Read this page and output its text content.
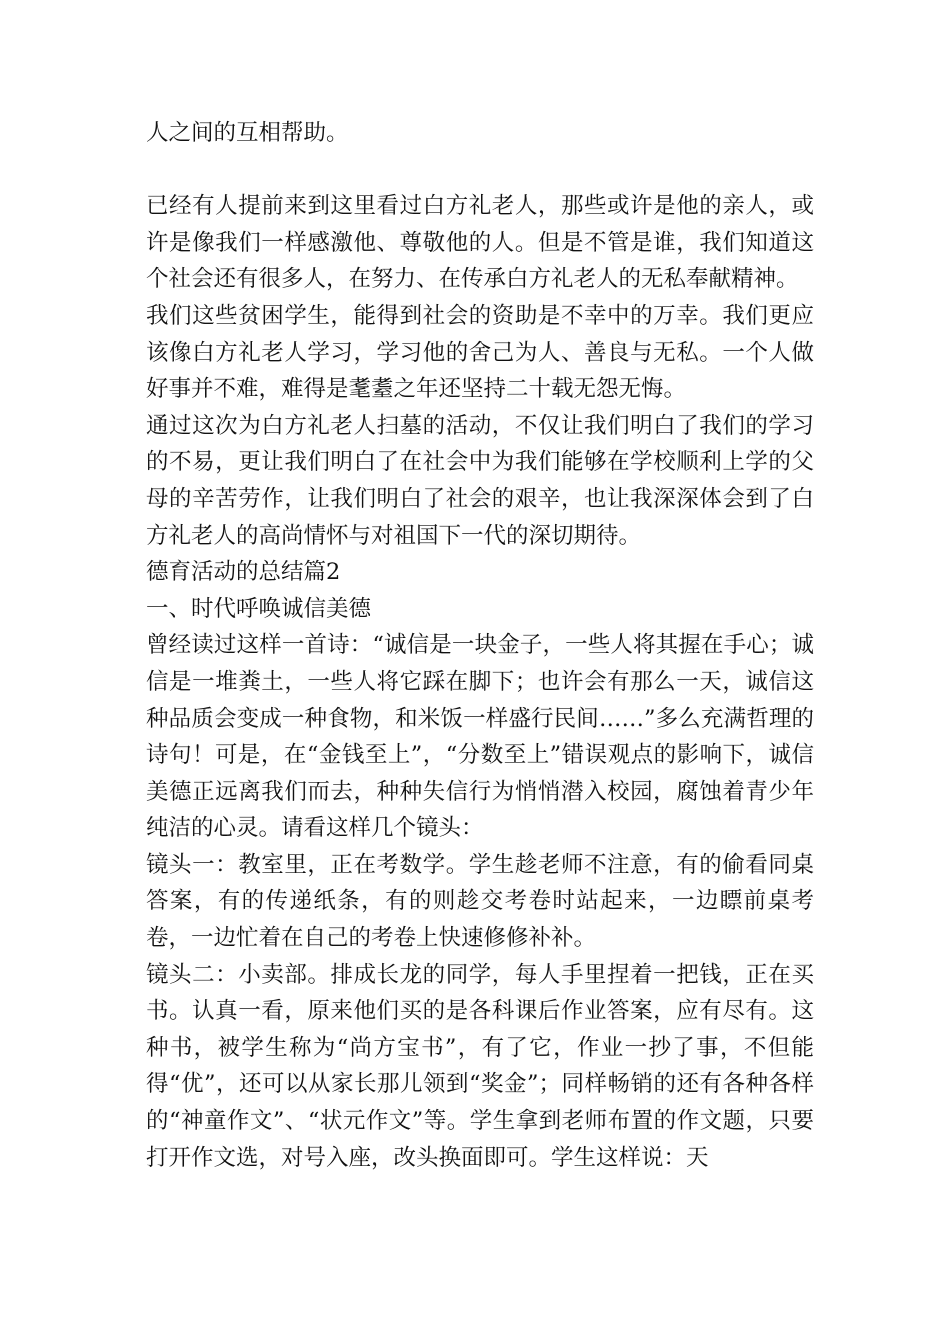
人之间的互相帮助。

已经有人提前来到这里看过白方礼老人，那些或许是他的亲人，或许是像我们一样感激他、尊敬他的人。但是不管是谁，我们知道这个社会还有很多人，在努力、在传承白方礼老人的无私奉献精神。

我们这些贫困学生，能得到社会的资助是不幸中的万幸。我们更应该像白方礼老人学习，学习他的舍己为人、善良与无私。一个人做好事并不难，难得是耄耋之年还坚持二十载无怨无悔。

通过这次为白方礼老人扫墓的活动，不仅让我们明白了我们的学习的不易，更让我们明白了在社会中为我们能够在学校顺利上学的父母的辛苦劳作，让我们明白了社会的艰辛，也让我深深体会到了白方礼老人的高尚情怀与对祖国下一代的深切期待。

德育活动的总结篇2

一、时代呼唤诚信美德

曾经读过这样一首诗：“诚信是一块金子，一些人将其握在手心；诚信是一堆粪土，一些人将它踩在脚下；也许会有那么一天，诚信这种品质会变成一种食物，和米饭一样盛行民间……”多么充满哲理的诗句！可是，在“金钱至上”，“分数至上”错误观点的影响下，诚信美德正远离我们而去，种种失信行为悄悄潜入校园，腐蚀着青少年纯洁的心灵。请看这样几个镜头：

镜头一：教室里，正在考数学。学生趁老师不注意，有的偷看同桌答案，有的传递纸条，有的则趁交考卷时站起来，一边瞟前桌考卷，一边忙着在自己的考卷上快速修修补补。

镜头二：小卖部。排成长龙的同学，每人手里捏着一把钱，正在买书。认真一看，原来他们买的是各科课后作业答案，应有尽有。这种书，被学生称为“尚方宝书”，有了它，作业一抄了事，不但能得“优”，还可以从家长那儿领到“奖金”；同样畅销的还有各种各样的“神童作文”、“状元作文”等。学生拿到老师布置的作文题，只要打开作文选，对号入座，改头换面即可。学生这样说：天
